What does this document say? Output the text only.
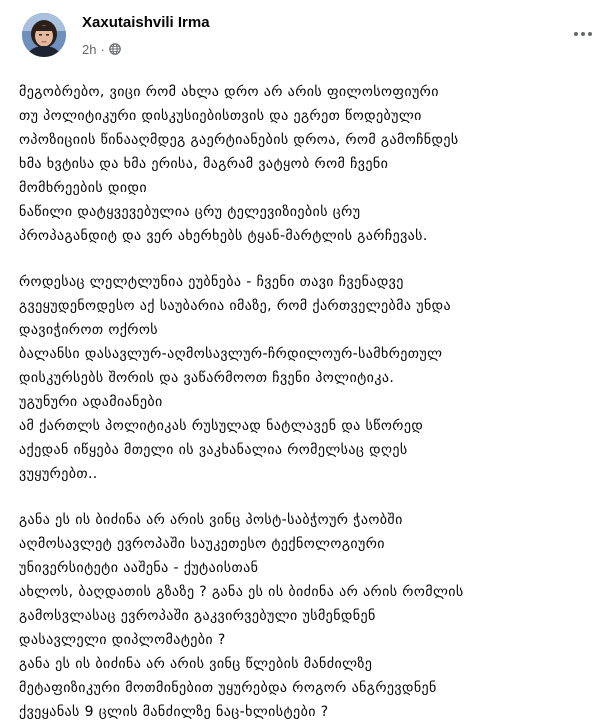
Xaxutaishvili Irma
2h ·

მეგობრებო, ვიცი რომ ახლა დრო არ არის ფილოსოფიური

თუ პოლიტიკური დისკუსიებისთვის და ეგრეთ წოდებული

ოპოზიციის წინააღმდეგ გაერტიანების დროა, რომ გამოჩნდეს

ხმა ხვტისა და ხმა ერისა, მაგრამ ვატყობ რომ ჩვენი

მომხრეების დიდი

ნაწილი დატყვევებულია ცრუ ტელევიზიების ცრუ

პროპაგანდიტ და ვერ ახერხებს ტყან-მარტლის გარჩევას.

როდესაც ლელტლუნია ეუბნება - ჩვენი თავი ჩვენადვე

გვეყუდენოდესო აქ საუბარია იმაზე, რომ ქართველებმა უნდა

დავიჭიროთ ოქროს

ბალანსი დასავლურ-აღმოსავლურ-ჩრდილოურ-სამხრეთულ

დისკურსებს შორის და ვაწარმოოთ ჩვენი პოლიტიკა.

უგუნური ადამიანები

ამ ქართლს პოლიტიკას რუსულად ნატლავენ და სწორედ

აქედან იწყება მთელი ის ვაკხანალია რომელსაც დღეს

ვუყურებთ..

განა ეს ის ბიძინა არ არის ვინც პოსტ-საბჭოურ ჭაობში

აღმოსავლეტ ევროპაში საუკეთესო ტექნოლოგიური

უნივერსიტეტი ააშენა - ქუტაისთან

ახლოს, ბაღდათის გზაზე ? განა ეს ის ბიძინა არ არის რომლის

გამოსვლასაც ევროპაში გაკვირვებული უსმენდნენ

დასავლელი დიპლომატები ?

განა ეს ის ბიძინა არ არის ვინც წლების მანძილზე

მეტაფიზიკური მოთმინებით უყურებდა როგორ ანგრევდნენ

ქვეყანას 9 ცლის მანძილზე ნაც-ხლისტები ?
